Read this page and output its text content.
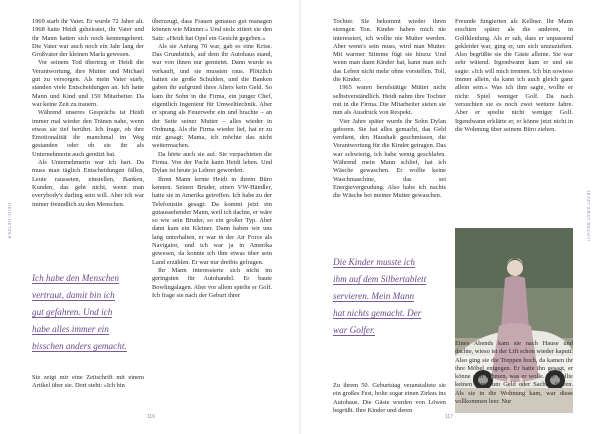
HEIDI HETZER	JETZT ERST RECHT!

1969 starb ihr Vater. Er wurde 72 Jahre alt. 1968 hatte Heidi geheiratet, ihr Vater und ihr Mann hatten sich noch kennengelernt. Die Vater war auch noch ein Jahr lang der Großvater der kleinen Marla gewesen.

Vor seinem Tod übertrug er Heidi die Verantwortung, ihre Mutter und Michael gut zu versorgen. Als mein Vater starb, standen viele Entscheidungen an. Ich hatte Mann und Kind und 150 Mitarbeiter. Da war keine Zeit zu trauern.

Während unseres Gesprächs ist Heidi immer mal wieder den Tränen nahe, wenn etwas sie tief berührt. Ich frage, ob ihre Emotionalität ihr manchmal im Weg gestanden oder ob sie ihr als Unternehmerin auch genützt hat.

Als Unternehmerin war ich hart. Da muss man täglich Entscheidungen fällen, Leute rausseten, einstellen, Banken, Kunden, das geht nicht, wenn man everybody's darling sein will. Aber ich war immer freundlich zu den Menschen.

Ich habe den Menschen
vertraut, damit bin ich
gut gefahren. Und ich
habe alles immer ein
bisschen anders gemacht.

Sie zeigt mir eine Zeitschrift mit einem Artikel über sie. Dort steht: »Ich bin

überzeugt, dass Frauen genauso gut managen können wie Männer.« Und stolz zitiert sie den Satz: »Heidi hat Opel ein Gesicht gegeben.«

Als sie Anfang 70 war, gab es eine Krise. Das Grundstück, auf dem ihr Autohaus stand, war von ihnen nur gemietet. Dann wurde es verkauft, und sie mussten raus. Plötzlich hatten sie große Schulden, und die Banken gaben ihr aufgrund ihres Alters kein Geld. So kam ihr Sohn in die Firma, ein junger Chef, eigentlich Ingenieur für Umwelttechnik. Aber er sprang als Feuerwehr ein und brachte – an der Seite seiner Mutter – alles wieder in Ordnung. Als die Firma wieder lief, hat er zu mir gesagt: Mama, ich möchte das nicht weitermachen.

Da hörte auch sie auf. Sie verpachteten die Firma. Von der Pacht kann Heidi leben. Und Dylan ist heute ja Lehrer geworden.

Ihren Mann lernte Heidi in ihrem Büro kennen. Seinen Bruder, einen VW-Händler, hatte sie in Amerika getroffen. Ich habe zu der Telefonistin gesagt: Da kommt jetzt ein gutaussehender Mann, weil ich dachte, er wäre so wie sein Bruder, so ein großer Typ. Aber dann kam ein Kleiner. Dann haben wir uns lang unterhalten, er war in der Air Force als Navigator, und ich war ja in Amerika gewesen, da konnte ich ihm etwas über sein Land erzählen. Er war nur dreibis gefragen.

Ihr Mann interessierte sich nicht im geringsten für Autohandel. Er baute Bowlingalagen. Aber vor allem spielte er Golf. Ich frage sie nach der Geburt ihrer

116

Tochter. Sie bekommt wieder ihren strengen Ton. Kinder haben mich nie interessiert, ich wollte nie Mutter werden. Aber wenn's sein muss, wird man Mutter. Mit warmer Stimme fügt sie hinzu: Und wenn man dann Kinder hat, kann man sich das Leben nicht mehr ohne vorstellen. Toll, die Kinder.

1965 waren berufstätige Mütter nicht selbstverständlich. Heidi nahm ihre Tochter mit in die Firma. Die Mitarbeiter sieten sie nun als Ausdruck von Respekt.

Vier Jahre später wurde ihr Sohn Dylan geboren. Sie hat alles gemacht, das Geld verdient, den Haushalt geschmissen, die Verantwortung für die Kinder getragen. Das war schwierig, ich habe wenig geschlafen. Während mein Mann schlief, hat ich Wäsche gewaschen. Er wollte keine Waschmaschine, das sei Energievergeudung. Also habe ich nachts die Wäsche bei meiner Mutter gewaschen.

Die Kinder musste ich
ihm auf dem Silbertablett
servieren. Mein Mann
hat nichts gemacht. Der
war Golfer.

Zu ihrem 50. Geburtstag veranstaltete sie ein großes Fest, holte sogar einen Zirkus ins Autohaus. Die Gäste wurden von Löwen begrüßt. Ihre Kinder und deren

Freunde fungierten als Kellner. Ihr Mann erschien später als die anderen, in Golfkleidung. Als er sah, dass er unpassend gekleidet war, ging er, um sich umzuziehen. Also begrüßte sie die Gäste alleine. Sie war sehr wütend. Irgendwann kam er und sie sagte: »Ich will mich trennen. Ich bin sowieso immer allein, da kann ich auch gleich ganz allein sein.« Was ich ihm sagte, wollte er nicht: Spiel weniger Golf. Da nach versuchten sie es noch zwei weitere Jahre. Aber er spielte nicht weniger Golf. Irgendwann erklärte er, er könne jetzt nicht in die Wohnung über seinem Büro ziehen.

Eines Abends kam sie nach Hause und dachte, wieso ist der Lift schon wieder kaputt. Also ging sie die Treppen hoch, da kamen ihr ihre Möbel entgegen. Er hatte ihn gesagt, er könne sich nehmen, was er wolle. Sie wollte keinen Streit um Geld oder Sachen führen. Als sie in die Wohnung kam, war diese vollkommen leer. Nur

117
